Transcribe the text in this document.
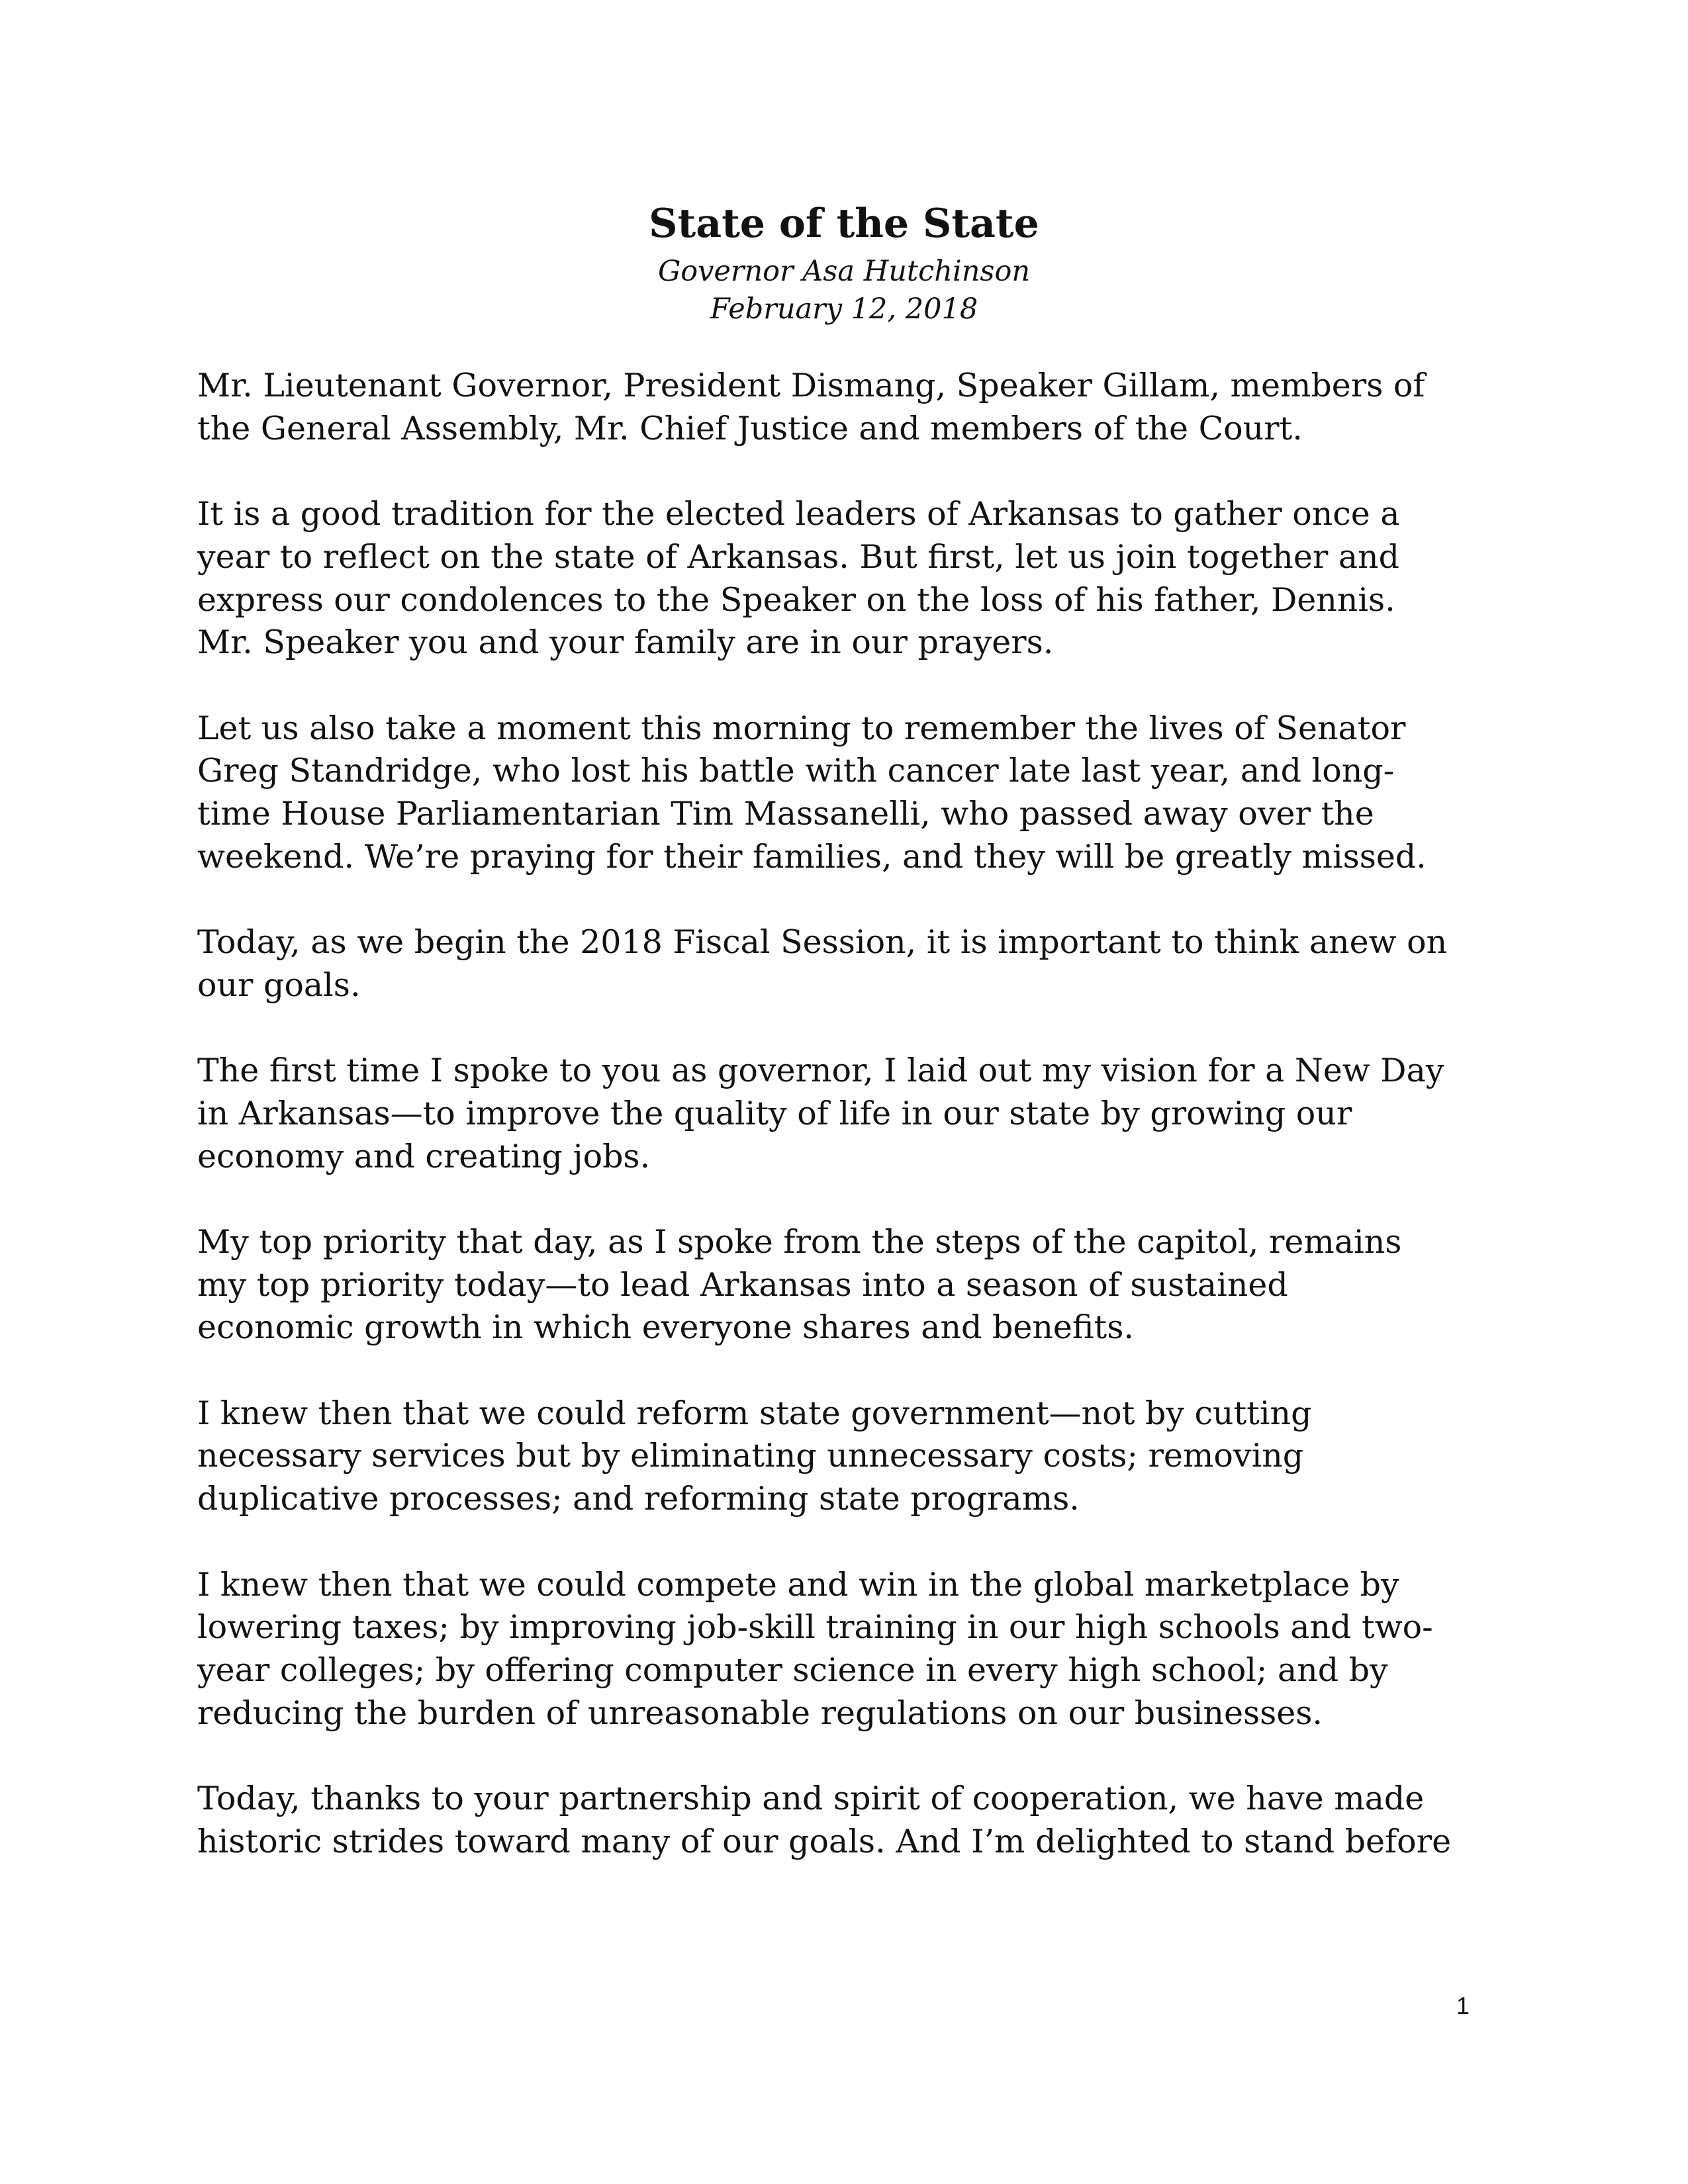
State of the State
Governor Asa Hutchinson
February 12, 2018
Mr. Lieutenant Governor, President Dismang, Speaker Gillam, members of
the General Assembly, Mr. Chief Justice and members of the Court.
It is a good tradition for the elected leaders of Arkansas to gather once a
year to reflect on the state of Arkansas. But first, let us join together and
express our condolences to the Speaker on the loss of his father, Dennis.
Mr. Speaker you and your family are in our prayers.
Let us also take a moment this morning to remember the lives of Senator
Greg Standridge, who lost his battle with cancer late last year, and long-
time House Parliamentarian Tim Massanelli, who passed away over the
weekend. We’re praying for their families, and they will be greatly missed.
Today, as we begin the 2018 Fiscal Session, it is important to think anew on
our goals.
The first time I spoke to you as governor, I laid out my vision for a New Day
in Arkansas—to improve the quality of life in our state by growing our
economy and creating jobs.
My top priority that day, as I spoke from the steps of the capitol, remains
my top priority today—to lead Arkansas into a season of sustained
economic growth in which everyone shares and benefits.
I knew then that we could reform state government—not by cutting
necessary services but by eliminating unnecessary costs; removing
duplicative processes; and reforming state programs.
I knew then that we could compete and win in the global marketplace by
lowering taxes; by improving job-skill training in our high schools and two-
year colleges; by offering computer science in every high school; and by
reducing the burden of unreasonable regulations on our businesses.
Today, thanks to your partnership and spirit of cooperation, we have made
historic strides toward many of our goals. And I’m delighted to stand before
1
